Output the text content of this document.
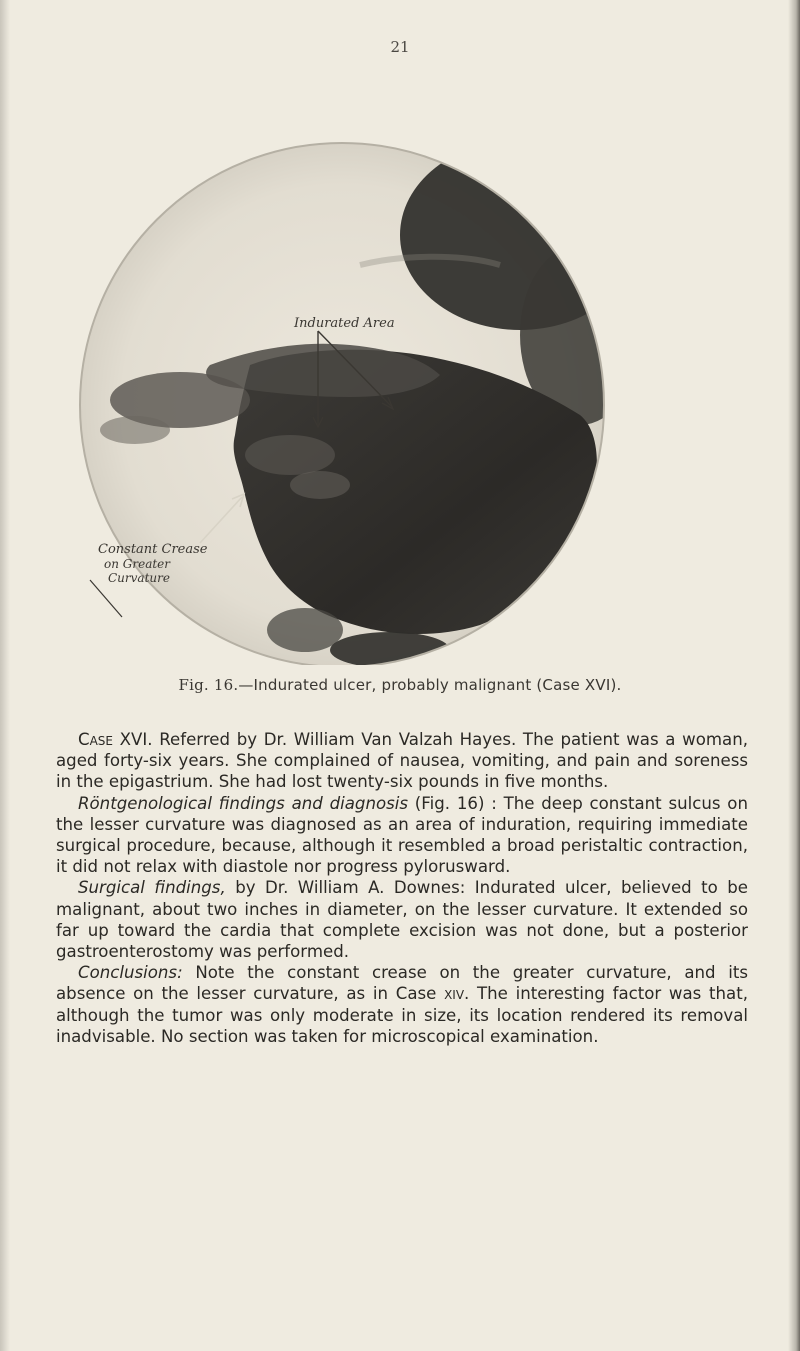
21
Indurated Area
Constant Crease
on Greater
Curvature
Fig. 16.—Indurated ulcer, probably malignant (Case XVI).

Case XVI. Referred by Dr. William Van Valzah Hayes. The patient was a woman, aged forty-six years. She complained of nausea, vomiting, and pain and soreness in the epigastrium. She had lost twenty-six pounds in five months.

Röntgenological findings and diagnosis (Fig. 16) : The deep constant sulcus on the lesser curvature was diagnosed as an area of induration, requiring immediate surgical procedure, because, although it resembled a broad peristaltic contraction, it did not relax with diastole nor progress pylorusward.

Surgical findings, by Dr. William A. Downes: Indurated ulcer, believed to be malignant, about two inches in diameter, on the lesser curvature. It extended so far up toward the cardia that complete excision was not done, but a posterior gastroenterostomy was performed.

Conclusions: Note the constant crease on the greater curvature, and its absence on the lesser curvature, as in Case xiv. The interesting factor was that, although the tumor was only moderate in size, its location rendered its removal inadvisable. No section was taken for microscopical examination.
